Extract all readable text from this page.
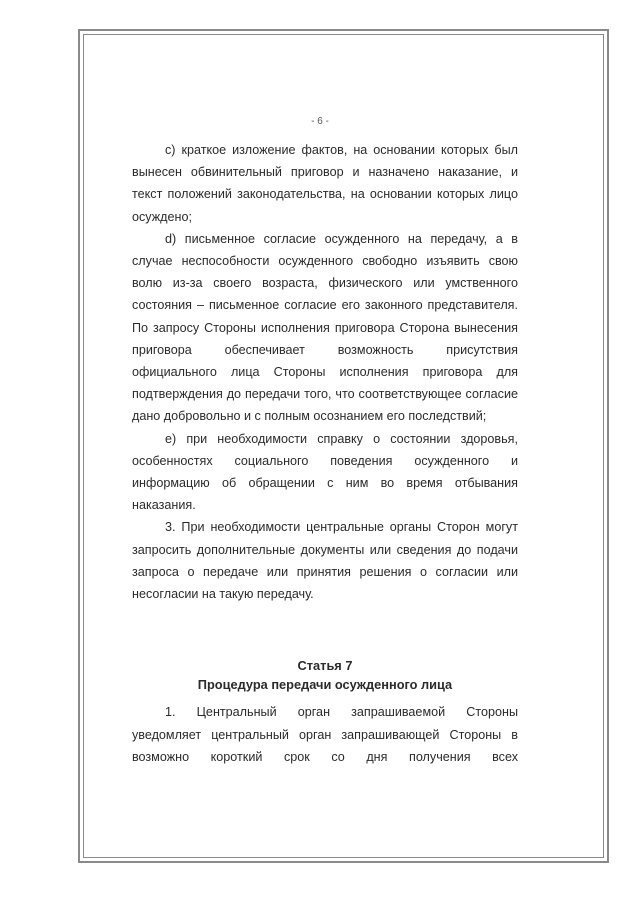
- 6 -

c) краткое изложение фактов, на основании которых был вынесен обвинительный приговор и назначено наказание, и текст положений законодательства, на основании которых лицо осуждено;

d) письменное согласие осужденного на передачу, а в случае неспособности осужденного свободно изъявить свою волю из-за своего возраста, физического или умственного состояния – письменное согласие его законного представителя. По запросу Стороны исполнения приговора Сторона вынесения приговора обеспечивает возможность присутствия официального лица Стороны исполнения приговора для подтверждения до передачи того, что соответствующее согласие дано добровольно и с полным осознанием его последствий;

e) при необходимости справку о состоянии здоровья, особенностях социального поведения осужденного и информацию об обращении с ним во время отбывания наказания.

3. При необходимости центральные органы Сторон могут запросить дополнительные документы или сведения до подачи запроса о передаче или принятия решения о согласии или несогласии на такую передачу.

Статья 7
Процедура передачи осужденного лица

1. Центральный орган запрашиваемой Стороны уведомляет центральный орган запрашивающей Стороны в возможно короткий срок со дня получения всех
